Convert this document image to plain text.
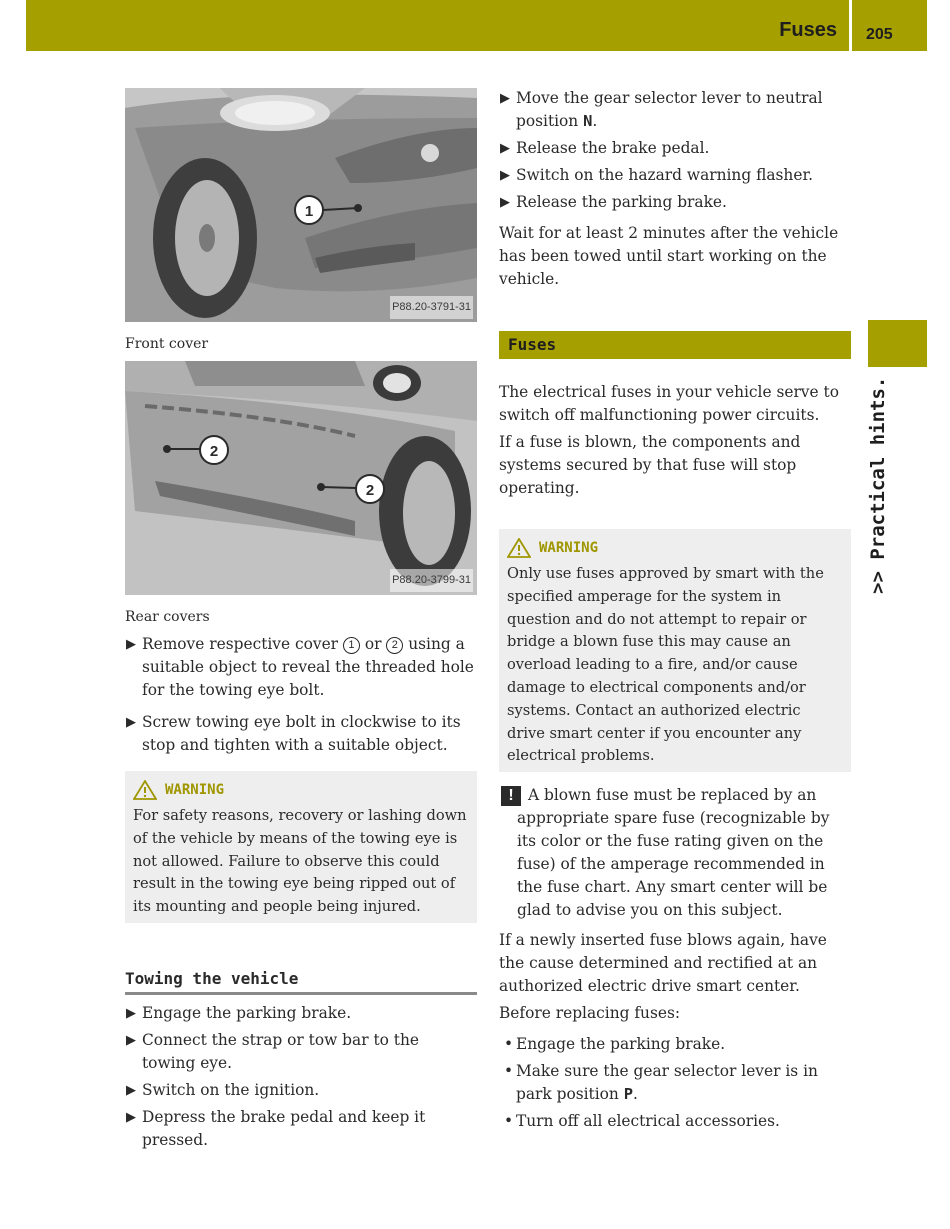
Fuses 205
>> Practical hints.
1
P88.20-3791-31
Front cover
2
2
P88.20-3799-31
Rear covers
▶ Remove respective cover 1 or 2 using a suitable object to reveal the threaded hole for the towing eye bolt.
▶ Screw towing eye bolt in clockwise to its stop and tighten with a suitable object.
WARNING
For safety reasons, recovery or lashing down of the vehicle by means of the towing eye is not allowed. Failure to observe this could result in the towing eye being ripped out of its mounting and people being injured.
Towing the vehicle
▶ Engage the parking brake.
▶ Connect the strap or tow bar to the towing eye.
▶ Switch on the ignition.
▶ Depress the brake pedal and keep it pressed.
▶ Move the gear selector lever to neutral position N.
▶ Release the brake pedal.
▶ Switch on the hazard warning flasher.
▶ Release the parking brake.

Wait for at least 2 minutes after the vehicle has been towed until start working on the vehicle.

Fuses

The electrical fuses in your vehicle serve to switch off malfunctioning power circuits.

If a fuse is blown, the components and systems secured by that fuse will stop operating.

WARNING
Only use fuses approved by smart with the specified amperage for the system in question and do not attempt to repair or bridge a blown fuse this may cause an overload leading to a fire, and/or cause damage to electrical components and/or systems. Contact an authorized electric drive smart center if you encounter any electrical problems.
! A blown fuse must be replaced by an appropriate spare fuse (recognizable by its color or the fuse rating given on the fuse) of the amperage recommended in the fuse chart. Any smart center will be glad to advise you on this subject.

If a newly inserted fuse blows again, have the cause determined and rectified at an authorized electric drive smart center.

Before replacing fuses:

• Engage the parking brake.
• Make sure the gear selector lever is in park position P.
• Turn off all electrical accessories.
